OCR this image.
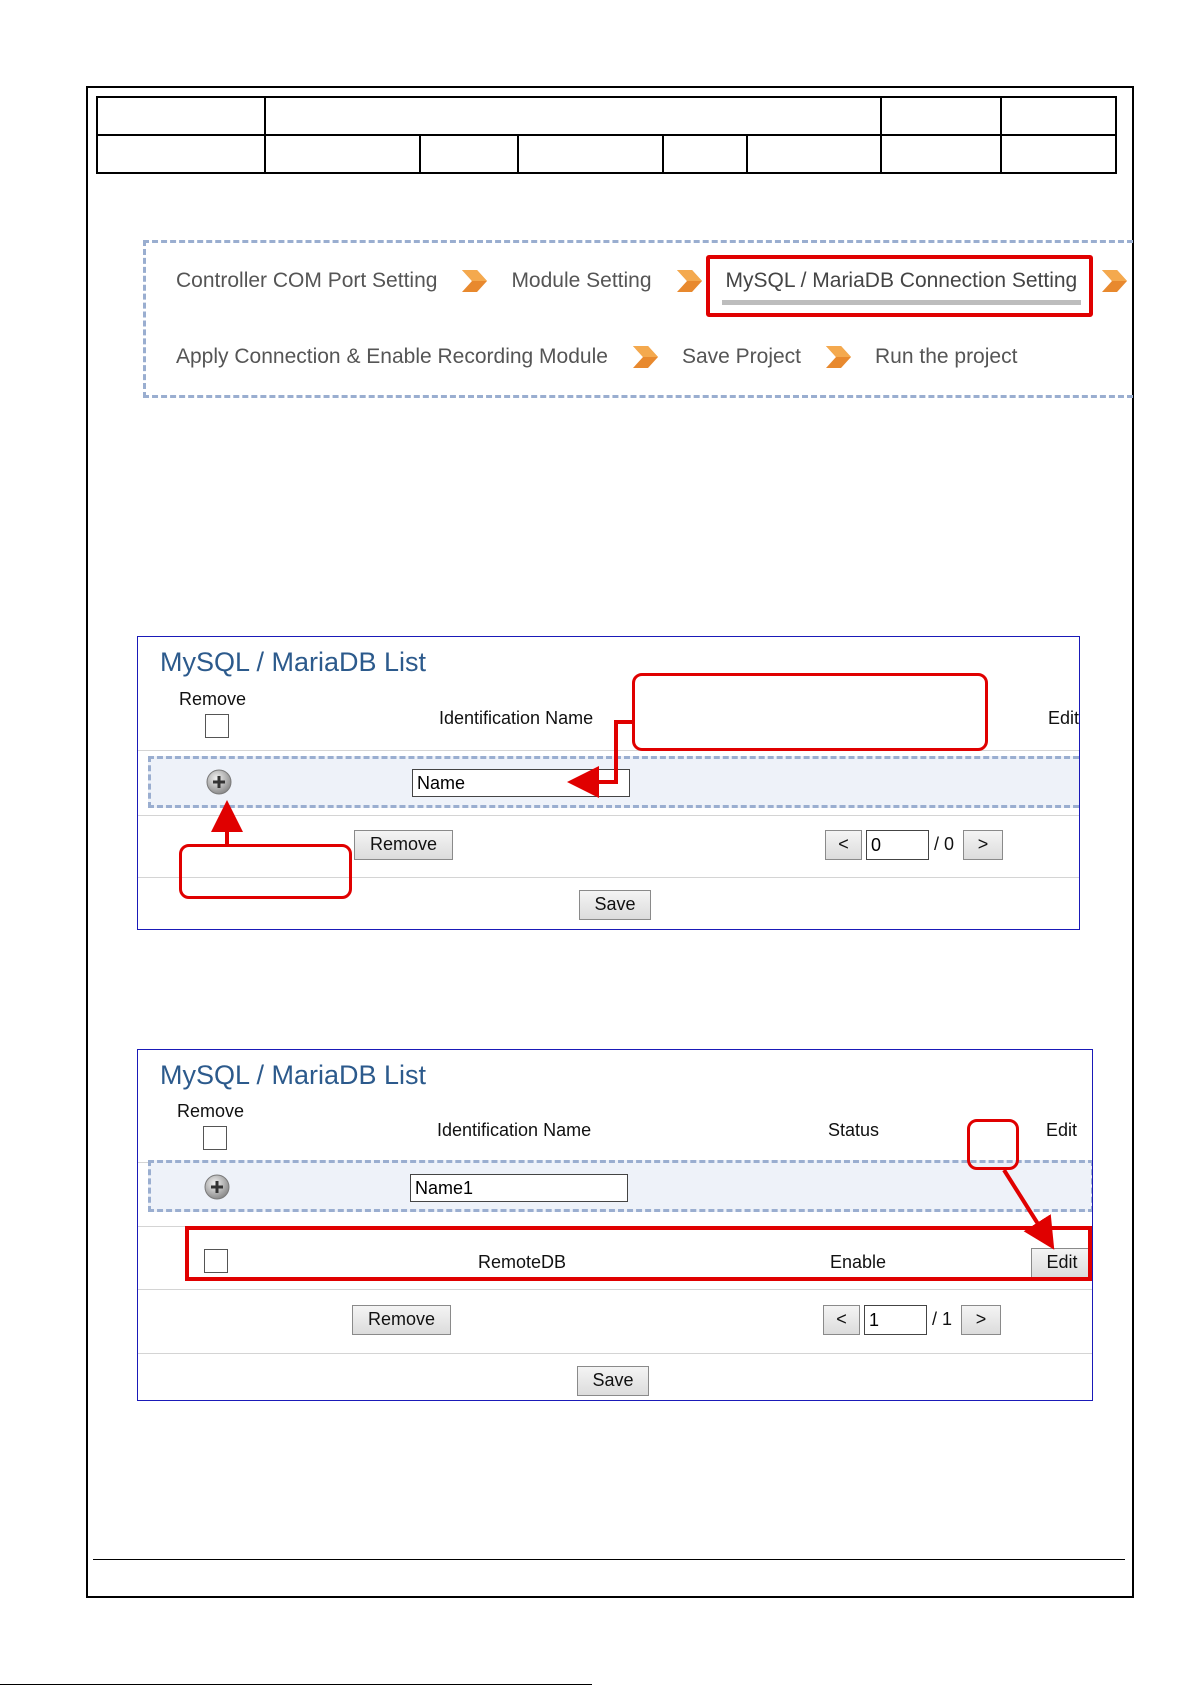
Controller COM Port Setting	Module Setting	MySQL / MariaDB Connection Setting
Apply Connection & Enable Recording Module	Save Project	Run the project
MySQL / MariaDB List
Remove
Identification Name	Edit
Name
Remove	<
0	/ 0	>
Save
MySQL / MariaDB List
Remove
Identification Name	Status	Edit
Name1
RemoteDB	Enable	Edit
Remove	<
1	/ 1	>
Save
